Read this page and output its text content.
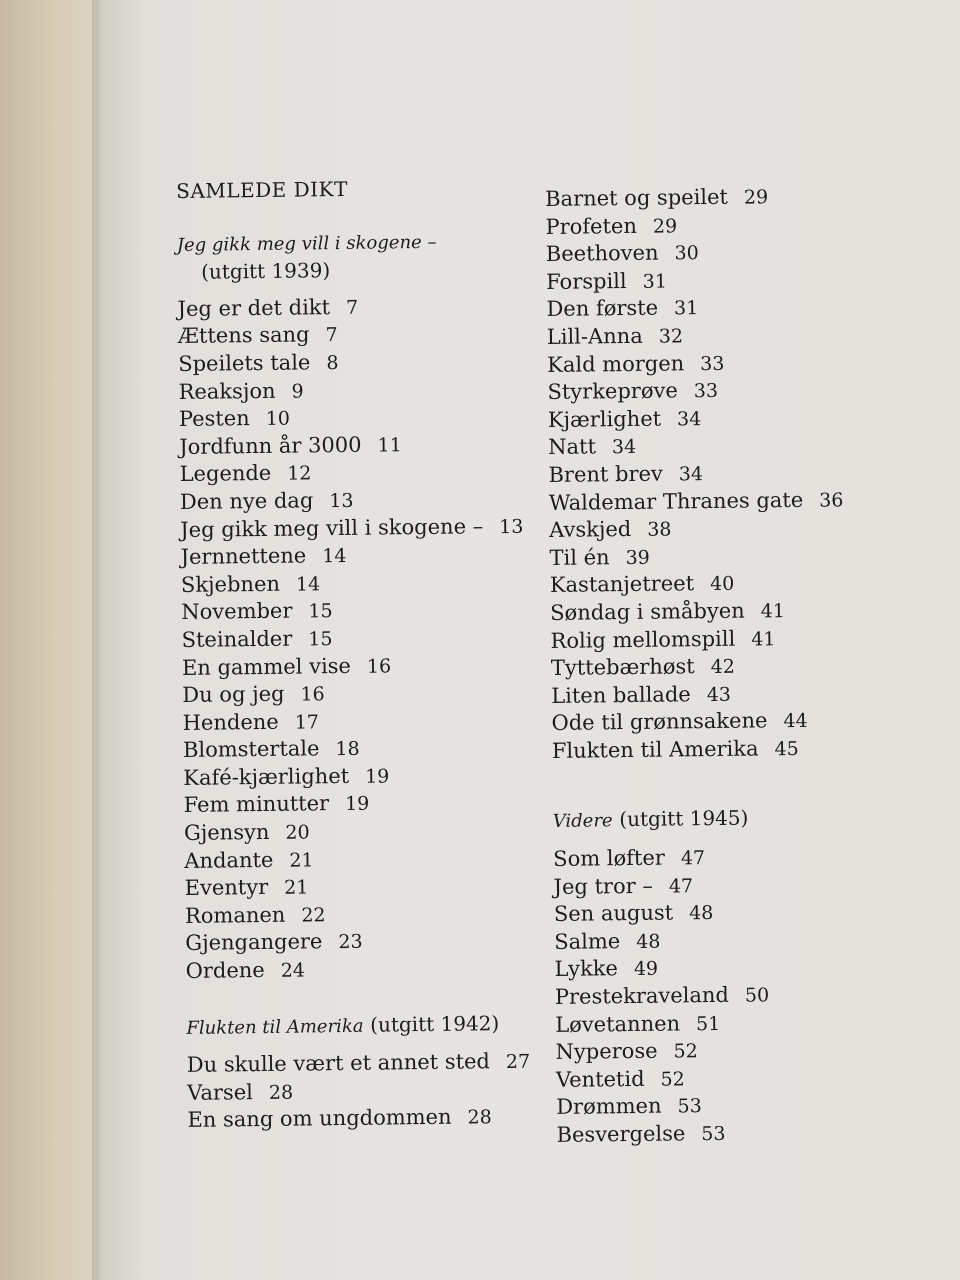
SAMLEDE DIKT
Jeg gikk meg vill i skogene –
(utgitt 1939)
Jeg er det dikt 7
Ættens sang 7
Speilets tale 8
Reaksjon 9
Pesten 10
Jordfunn år 3000 11
Legende 12
Den nye dag 13
Jeg gikk meg vill i skogene – 13
Jernnettene 14
Skjebnen 14
November 15
Steinalder 15
En gammel vise 16
Du og jeg 16
Hendene 17
Blomstertale 18
Kafé-kjærlighet 19
Fem minutter 19
Gjensyn 20
Andante 21
Eventyr 21
Romanen 22
Gjengangere 23
Ordene 24
Flukten til Amerika (utgitt 1942)
Du skulle vært et annet sted 27
Varsel 28
En sang om ungdommen 28
Barnet og speilet 29
Profeten 29
Beethoven 30
Forspill 31
Den første 31
Lill-Anna 32
Kald morgen 33
Styrkeprøve 33
Kjærlighet 34
Natt 34
Brent brev 34
Waldemar Thranes gate 36
Avskjed 38
Til én 39
Kastanjetreet 40
Søndag i småbyen 41
Rolig mellomspill 41
Tyttebærhøst 42
Liten ballade 43
Ode til grønnsakene 44
Flukten til Amerika 45
Videre (utgitt 1945)
Som løfter 47
Jeg tror – 47
Sen august 48
Salme 48
Lykke 49
Prestekraveland 50
Løvetannen 51
Nyperose 52
Ventetid 52
Drømmen 53
Besvergelse 53
